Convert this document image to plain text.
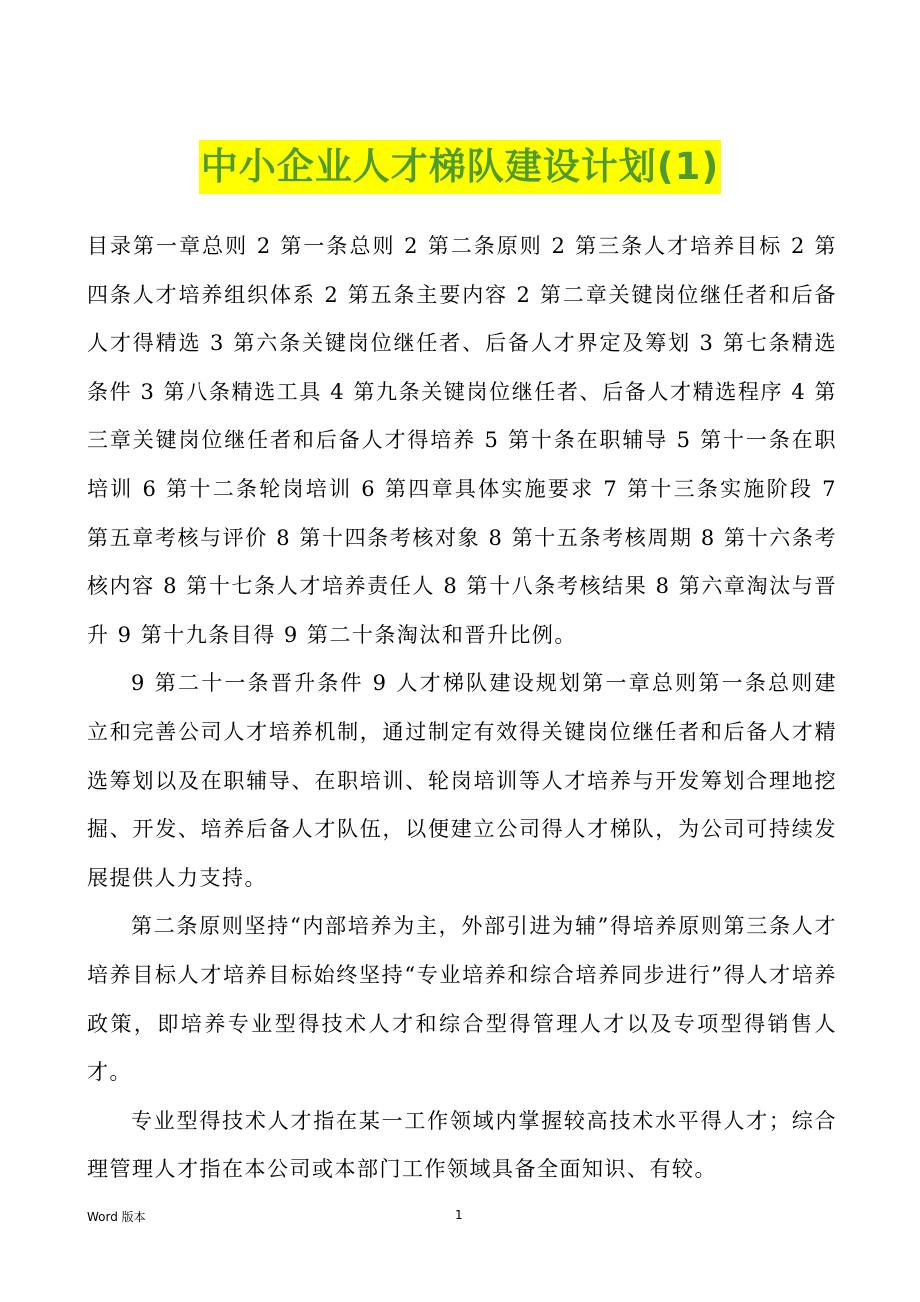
中小企业人才梯队建设计划(1)

目录第一章总则 2 第一条总则 2 第二条原则 2 第三条人才培养目标 2 第四条人才培养组织体系 2 第五条主要内容 2 第二章关键岗位继任者和后备人才得精选 3 第六条关键岗位继任者、后备人才界定及筹划 3 第七条精选条件 3 第八条精选工具 4 第九条关键岗位继任者、后备人才精选程序 4 第三章关键岗位继任者和后备人才得培养 5 第十条在职辅导 5 第十一条在职培训 6 第十二条轮岗培训 6 第四章具体实施要求 7 第十三条实施阶段 7 第五章考核与评价 8 第十四条考核对象 8 第十五条考核周期 8 第十六条考核内容 8 第十七条人才培养责任人 8 第十八条考核结果 8 第六章淘汰与晋升 9 第十九条目得 9 第二十条淘汰和晋升比例。

9 第二十一条晋升条件 9 人才梯队建设规划第一章总则第一条总则建立和完善公司人才培养机制，通过制定有效得关键岗位继任者和后备人才精选筹划以及在职辅导、在职培训、轮岗培训等人才培养与开发筹划合理地挖掘、开发、培养后备人才队伍，以便建立公司得人才梯队，为公司可持续发展提供人力支持。

第二条原则坚持“内部培养为主，外部引进为辅”得培养原则第三条人才培养目标人才培养目标始终坚持“专业培养和综合培养同步进行”得人才培养政策，即培养专业型得技术人才和综合型得管理人才以及专项型得销售人才。

专业型得技术人才指在某一工作领域内掌握较高技术水平得人才；综合理管理人才指在本公司或本部门工作领域具备全面知识、有较。

Word 版本	1
